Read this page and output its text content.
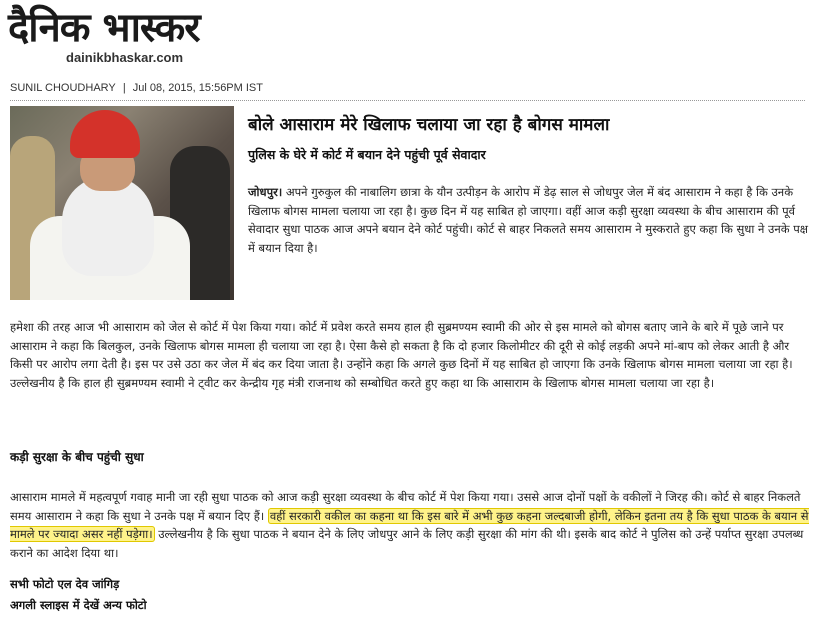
दैनिक भास्कर
dainikbhaskar.com
SUNIL CHOUDHARY | Jul 08, 2015, 15:56PM IST
बोले आसाराम मेरे खिलाफ चलाया जा रहा है बोगस मामला
पुलिस के घेरे में कोर्ट में बयान देने पहुंची पूर्व सेवादार

जोधपुर। अपने गुरुकुल की नाबालिग छात्रा के यौन उत्पीड़न के आरोप में डेढ़ साल से जोधपुर जेल में बंद आसाराम ने कहा है कि उनके खिलाफ बोगस मामला चलाया जा रहा है। कुछ दिन में यह साबित हो जाएगा। वहीं आज कड़ी सुरक्षा व्यवस्था के बीच आसाराम की पूर्व सेवादार सुधा पाठक आज अपने बयान देने कोर्ट पहुंची। कोर्ट से बाहर निकलते समय आसाराम ने मुस्कराते हुए कहा कि सुधा ने उनके पक्ष में बयान दिया है।

हमेशा की तरह आज भी आसाराम को जेल से कोर्ट में पेश किया गया। कोर्ट में प्रवेश करते समय हाल ही सुब्रमण्यम स्वामी की ओर से इस मामले को बोगस बताए जाने के बारे में पूछे जाने पर आसाराम ने कहा कि बिलकुल, उनके खिलाफ बोगस मामला ही चलाया जा रहा है। ऐसा कैसे हो सकता है कि दो हजार किलोमीटर की दूरी से कोई लड़की अपने मां-बाप को लेकर आती है और किसी पर आरोप लगा देती है। इस पर उसे उठा कर जेल में बंद कर दिया जाता है। उन्होंने कहा कि अगले कुछ दिनों में यह साबित हो जाएगा कि उनके खिलाफ बोगस मामला चलाया जा रहा है। उल्लेखनीय है कि हाल ही सुब्रमण्यम स्वामी ने ट्वीट कर केन्द्रीय गृह मंत्री राजनाथ को सम्बोधित करते हुए कहा था कि आसाराम के खिलाफ बोगस मामला चलाया जा रहा है।

कड़ी सुरक्षा के बीच पहुंची सुधा

आसाराम मामले में महत्वपूर्ण गवाह मानी जा रही सुधा पाठक को आज कड़ी सुरक्षा व्यवस्था के बीच कोर्ट में पेश किया गया। उससे आज दोनों पक्षों के वकीलों ने जिरह की। कोर्ट से बाहर निकलते समय आसाराम ने कहा कि सुधा ने उनके पक्ष में बयान दिए हैं। वहीं सरकारी वकील का कहना था कि इस बारे में अभी कुछ कहना जल्दबाजी होगी, लेकिन इतना तय है कि सुधा पाठक के बयान से मामले पर ज्यादा असर नहीं पड़ेगा। उल्लेखनीय है कि सुधा पाठक ने बयान देने के लिए जोधपुर आने के लिए कड़ी सुरक्षा की मांग की थी। इसके बाद कोर्ट ने पुलिस को उन्हें पर्याप्त सुरक्षा उपलब्ध कराने का आदेश दिया था।

सभी फोटो एल देव जांगिड़
अगली स्लाइस में देखें अन्य फोटो
